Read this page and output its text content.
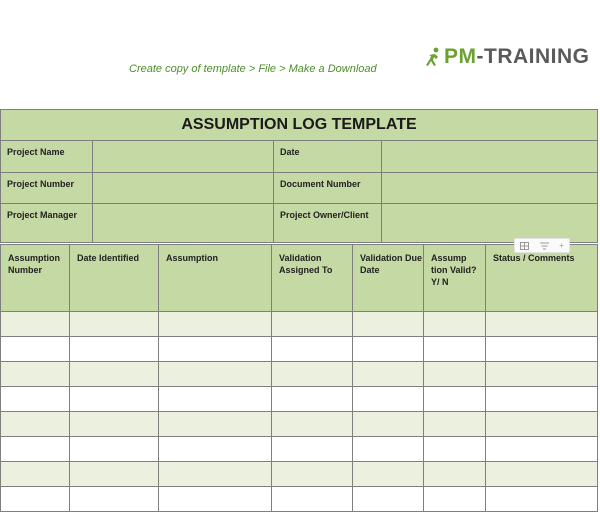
Create copy of template > File > Make a Download
PM-TRAINING
ASSUMPTION LOG TEMPLATE			
Project Name		Date	
Project Number		Document Number	
Project Manager		Project Owner/Client	
Assumption Number	Date Identified	Assumption	Validation Assigned To	Validation Due Date	Assump tion Valid? Y/ N	Status / Comments

+
